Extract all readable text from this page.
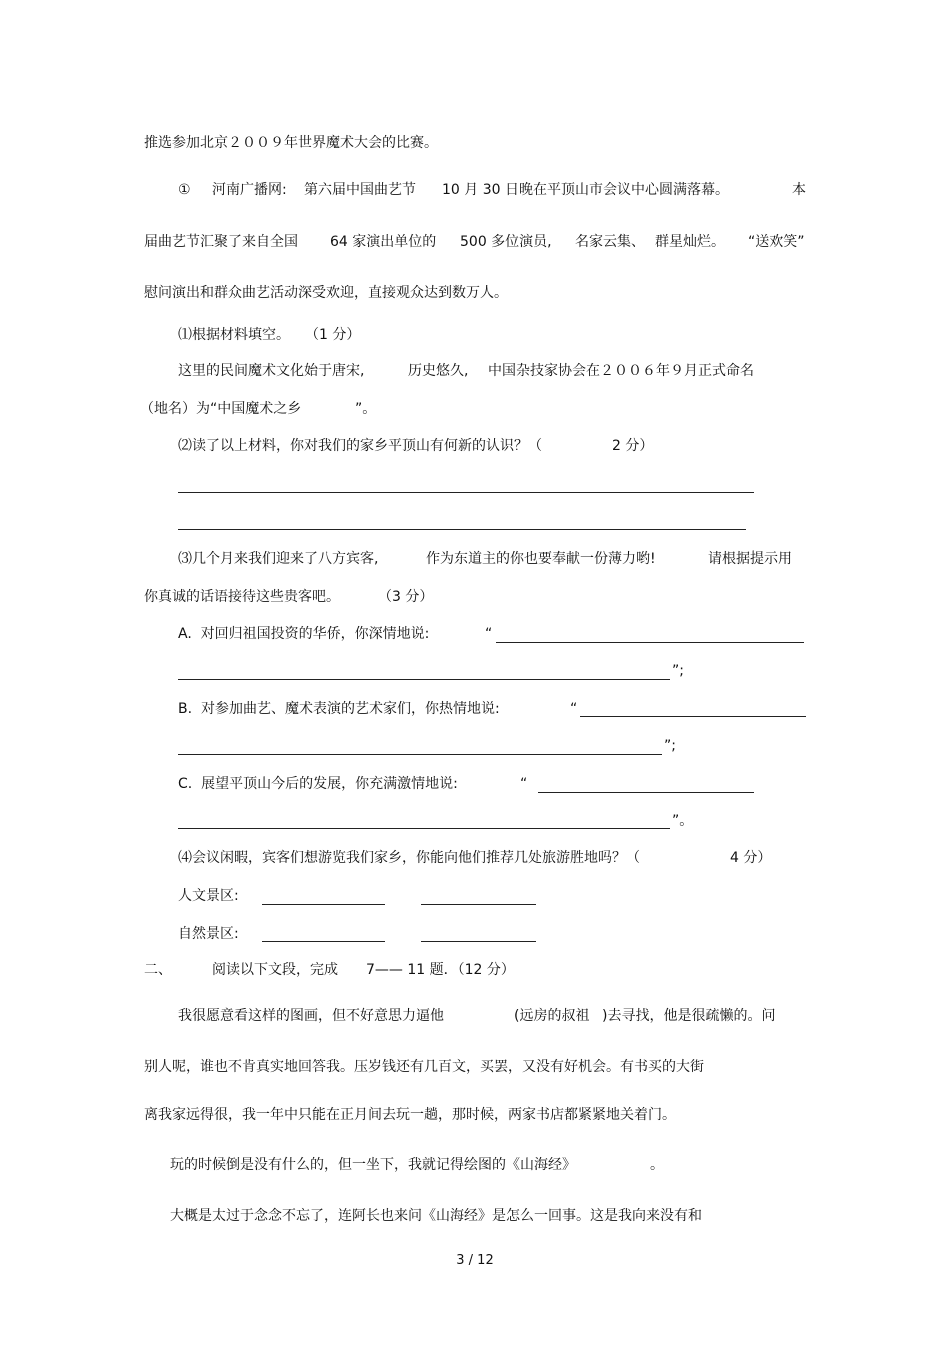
推选参加北京２００９年世界魔术大会的比赛。
① 河南广播网: 第六届中国曲艺节 10 月 30 日晚在平顶山市会议中心圆满落幕。	本
届曲艺节汇聚了来自全国 64 家演出单位的 500 多位演员, 名家云集、 群星灿烂。 “送欢笑”
慰问演出和群众曲艺活动深受欢迎，直接观众达到数万人。
⑴根据材料填空。 （1 分）
这里的民间魔术文化始于唐宋,	历史悠久, 中国杂技家协会在２００６年９月正式命名
（地名）为“中国魔术之乡	”。
⑵读了以上材料，你对我们的家乡平顶山有何新的认识？（	2 分）
⑶几个月来我们迎来了八方宾客,	作为东道主的你也要奉献一份薄力哟!	请根据提示用
你真诚的话语接待这些贵客吧。	（3 分）
A.  对回归祖国投资的华侨，你深情地说:	“
”;
B.  对参加曲艺、魔术表演的艺术家们，你热情地说:	“
”;
C.  展望平顶山今后的发展，你充满激情地说:	“
”。
⑷会议闲暇，宾客们想游览我们家乡，你能向他们推荐几处旅游胜地吗？（	4 分）
人文景区:
自然景区:
二、	阅读以下文段，完成 7—— 11 题．（12 分）
我很愿意看这样的图画，但不好意思力逼他	(远房的叔祖 )去寻找，他是很疏懒的。问
别人呢，谁也不肯真实地回答我。压岁钱还有几百文，买罢，又没有好机会。有书买的大街
离我家远得很，我一年中只能在正月间去玩一趟，那时候，两家书店都紧紧地关着门。
玩的时候倒是没有什么的，但一坐下，我就记得绘图的《山海经》	。
大概是太过于念念不忘了，连阿长也来问《山海经》是怎么一回事。这是我向来没有和
3 / 12
